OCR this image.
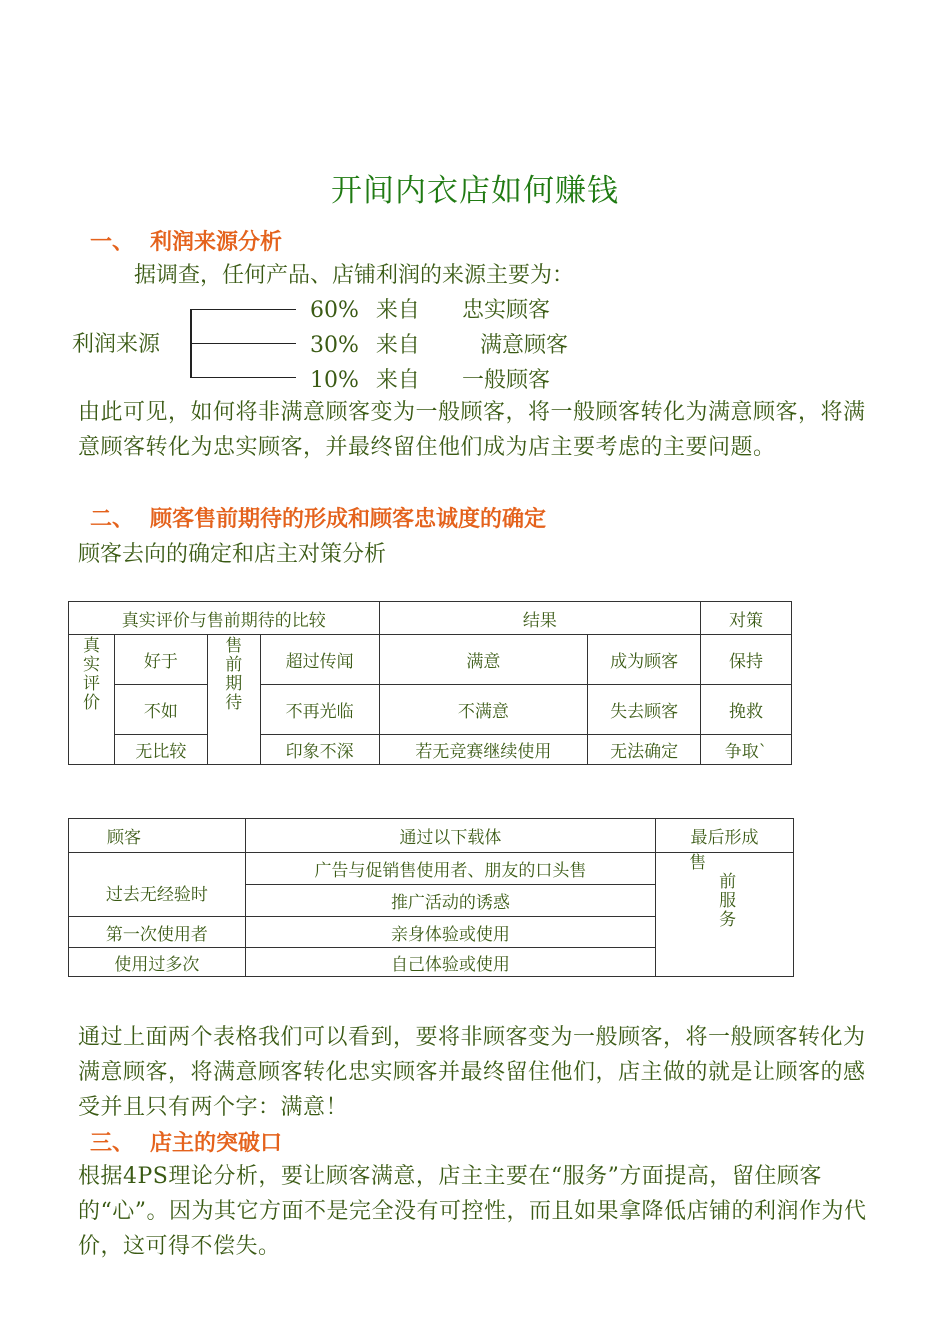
开间内衣店如何赚钱
一、 利润来源分析
据调查，任何产品、店铺利润的来源主要为：
利润来源
60% 来自 忠实顾客
30% 来自	满意顾客
10% 来自 一般顾客
由此可见，如何将非满意顾客变为一般顾客，将一般顾客转化为满意顾客，将满意顾客转化为忠实顾客，并最终留住他们成为店主要考虑的主要问题。
二、 顾客售前期待的形成和顾客忠诚度的确定
顾客去向的确定和店主对策分析
真实评价与售前期待的比较				结果		对策

真实评价	好于	售前期待	超过传闻	满意	成为顾客	保持
	不如		不再光临	不满意	失去顾客	挽救
	无比较		印象不深	若无竞赛继续使用	无法确定	争取`
顾客	通过以下载体	最后形成
过去无经验时	广告与促销售使用者、朋友的口头售	售
前服务

	推广活动的诱惑	
第一次使用者	亲身体验或使用	
使用过多次	自己体验或使用	
通过上面两个表格我们可以看到，要将非顾客变为一般顾客，将一般顾客转化为满意顾客，将满意顾客转化忠实顾客并最终留住他们，店主做的就是让顾客的感受并且只有两个字：满意！
三、 店主的突破口
根据4PS理论分析，要让顾客满意，店主主要在“服务”方面提高，留住顾客的“心”。因为其它方面不是完全没有可控性，而且如果拿降低店铺的利润作为代价，这可得不偿失。
